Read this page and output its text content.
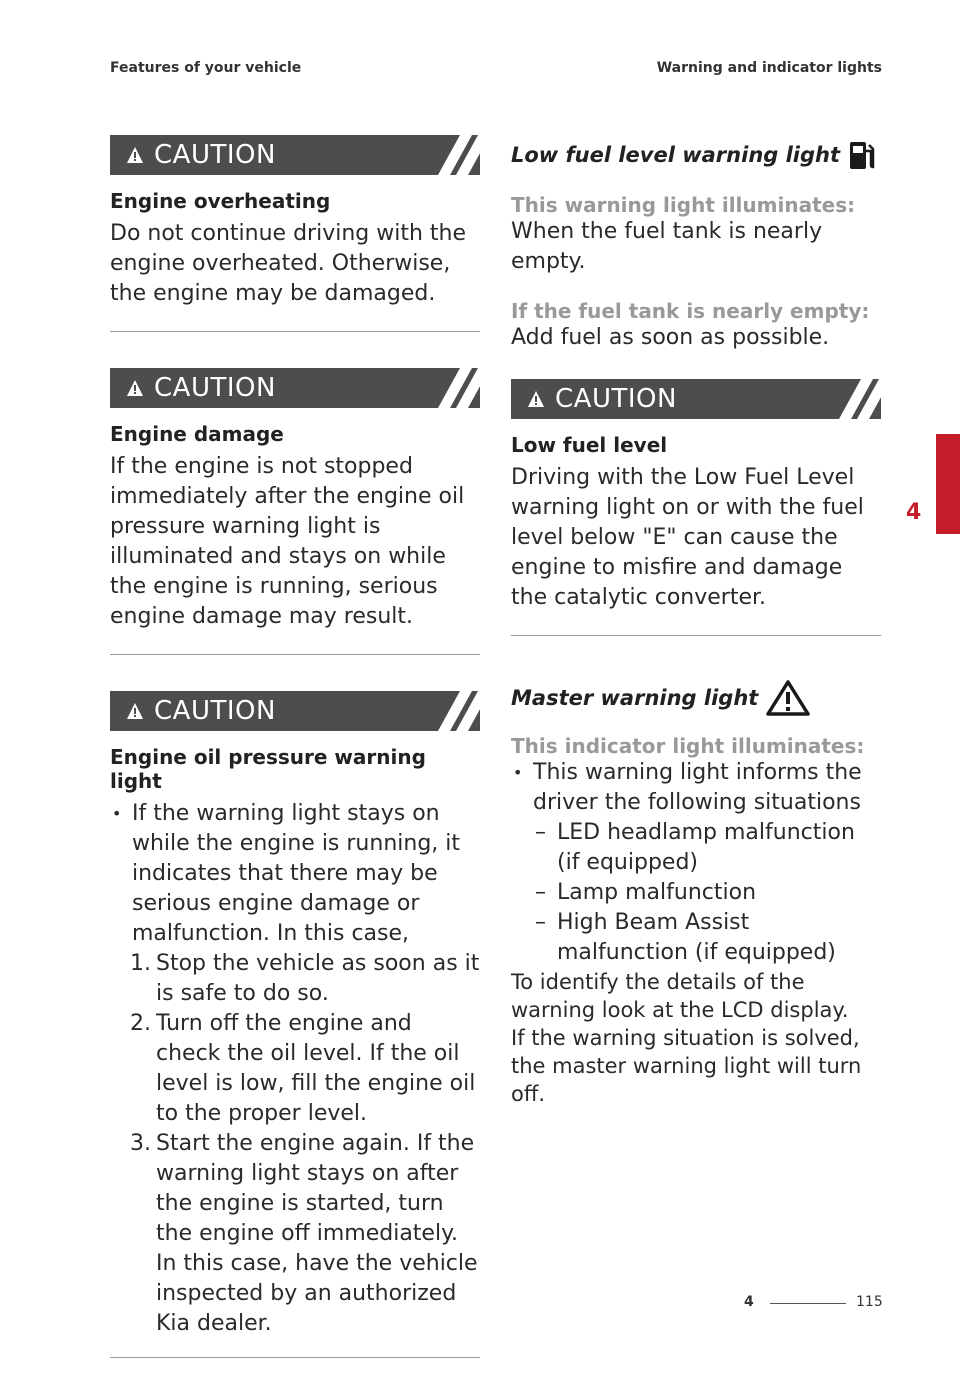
Features of your vehicle	Warning and indicator lights
CAUTION
Engine overheating
Do not continue driving with the engine overheated. Otherwise, the engine may be damaged.
CAUTION
Engine damage
If the engine is not stopped immediately after the engine oil pressure warning light is illuminated and stays on while the engine is running, serious engine damage may result.
CAUTION
Engine oil pressure warning light
• If the warning light stays on while the engine is running, it indicates that there may be serious engine damage or malfunction. In this case,
1. Stop the vehicle as soon as it is safe to do so.
2. Turn off the engine and check the oil level. If the oil level is low, fill the engine oil to the proper level.
3. Start the engine again. If the warning light stays on after the engine is started, turn the engine off immediately. In this case, have the vehicle inspected by an authorized Kia dealer.
Low fuel level warning light
This warning light illuminates:
When the fuel tank is nearly empty.
If the fuel tank is nearly empty:
Add fuel as soon as possible.
CAUTION
Low fuel level
Driving with the Low Fuel Level warning light on or with the fuel level below "E" can cause the engine to misfire and damage the catalytic converter.
Master warning light
This indicator light illuminates:
• This warning light informs the driver the following situations
– LED headlamp malfunction (if equipped)
– Lamp malfunction
– High Beam Assist malfunction (if equipped)
To identify the details of the warning look at the LCD display.
If the warning situation is solved, the master warning light will turn off.
4
4	115
